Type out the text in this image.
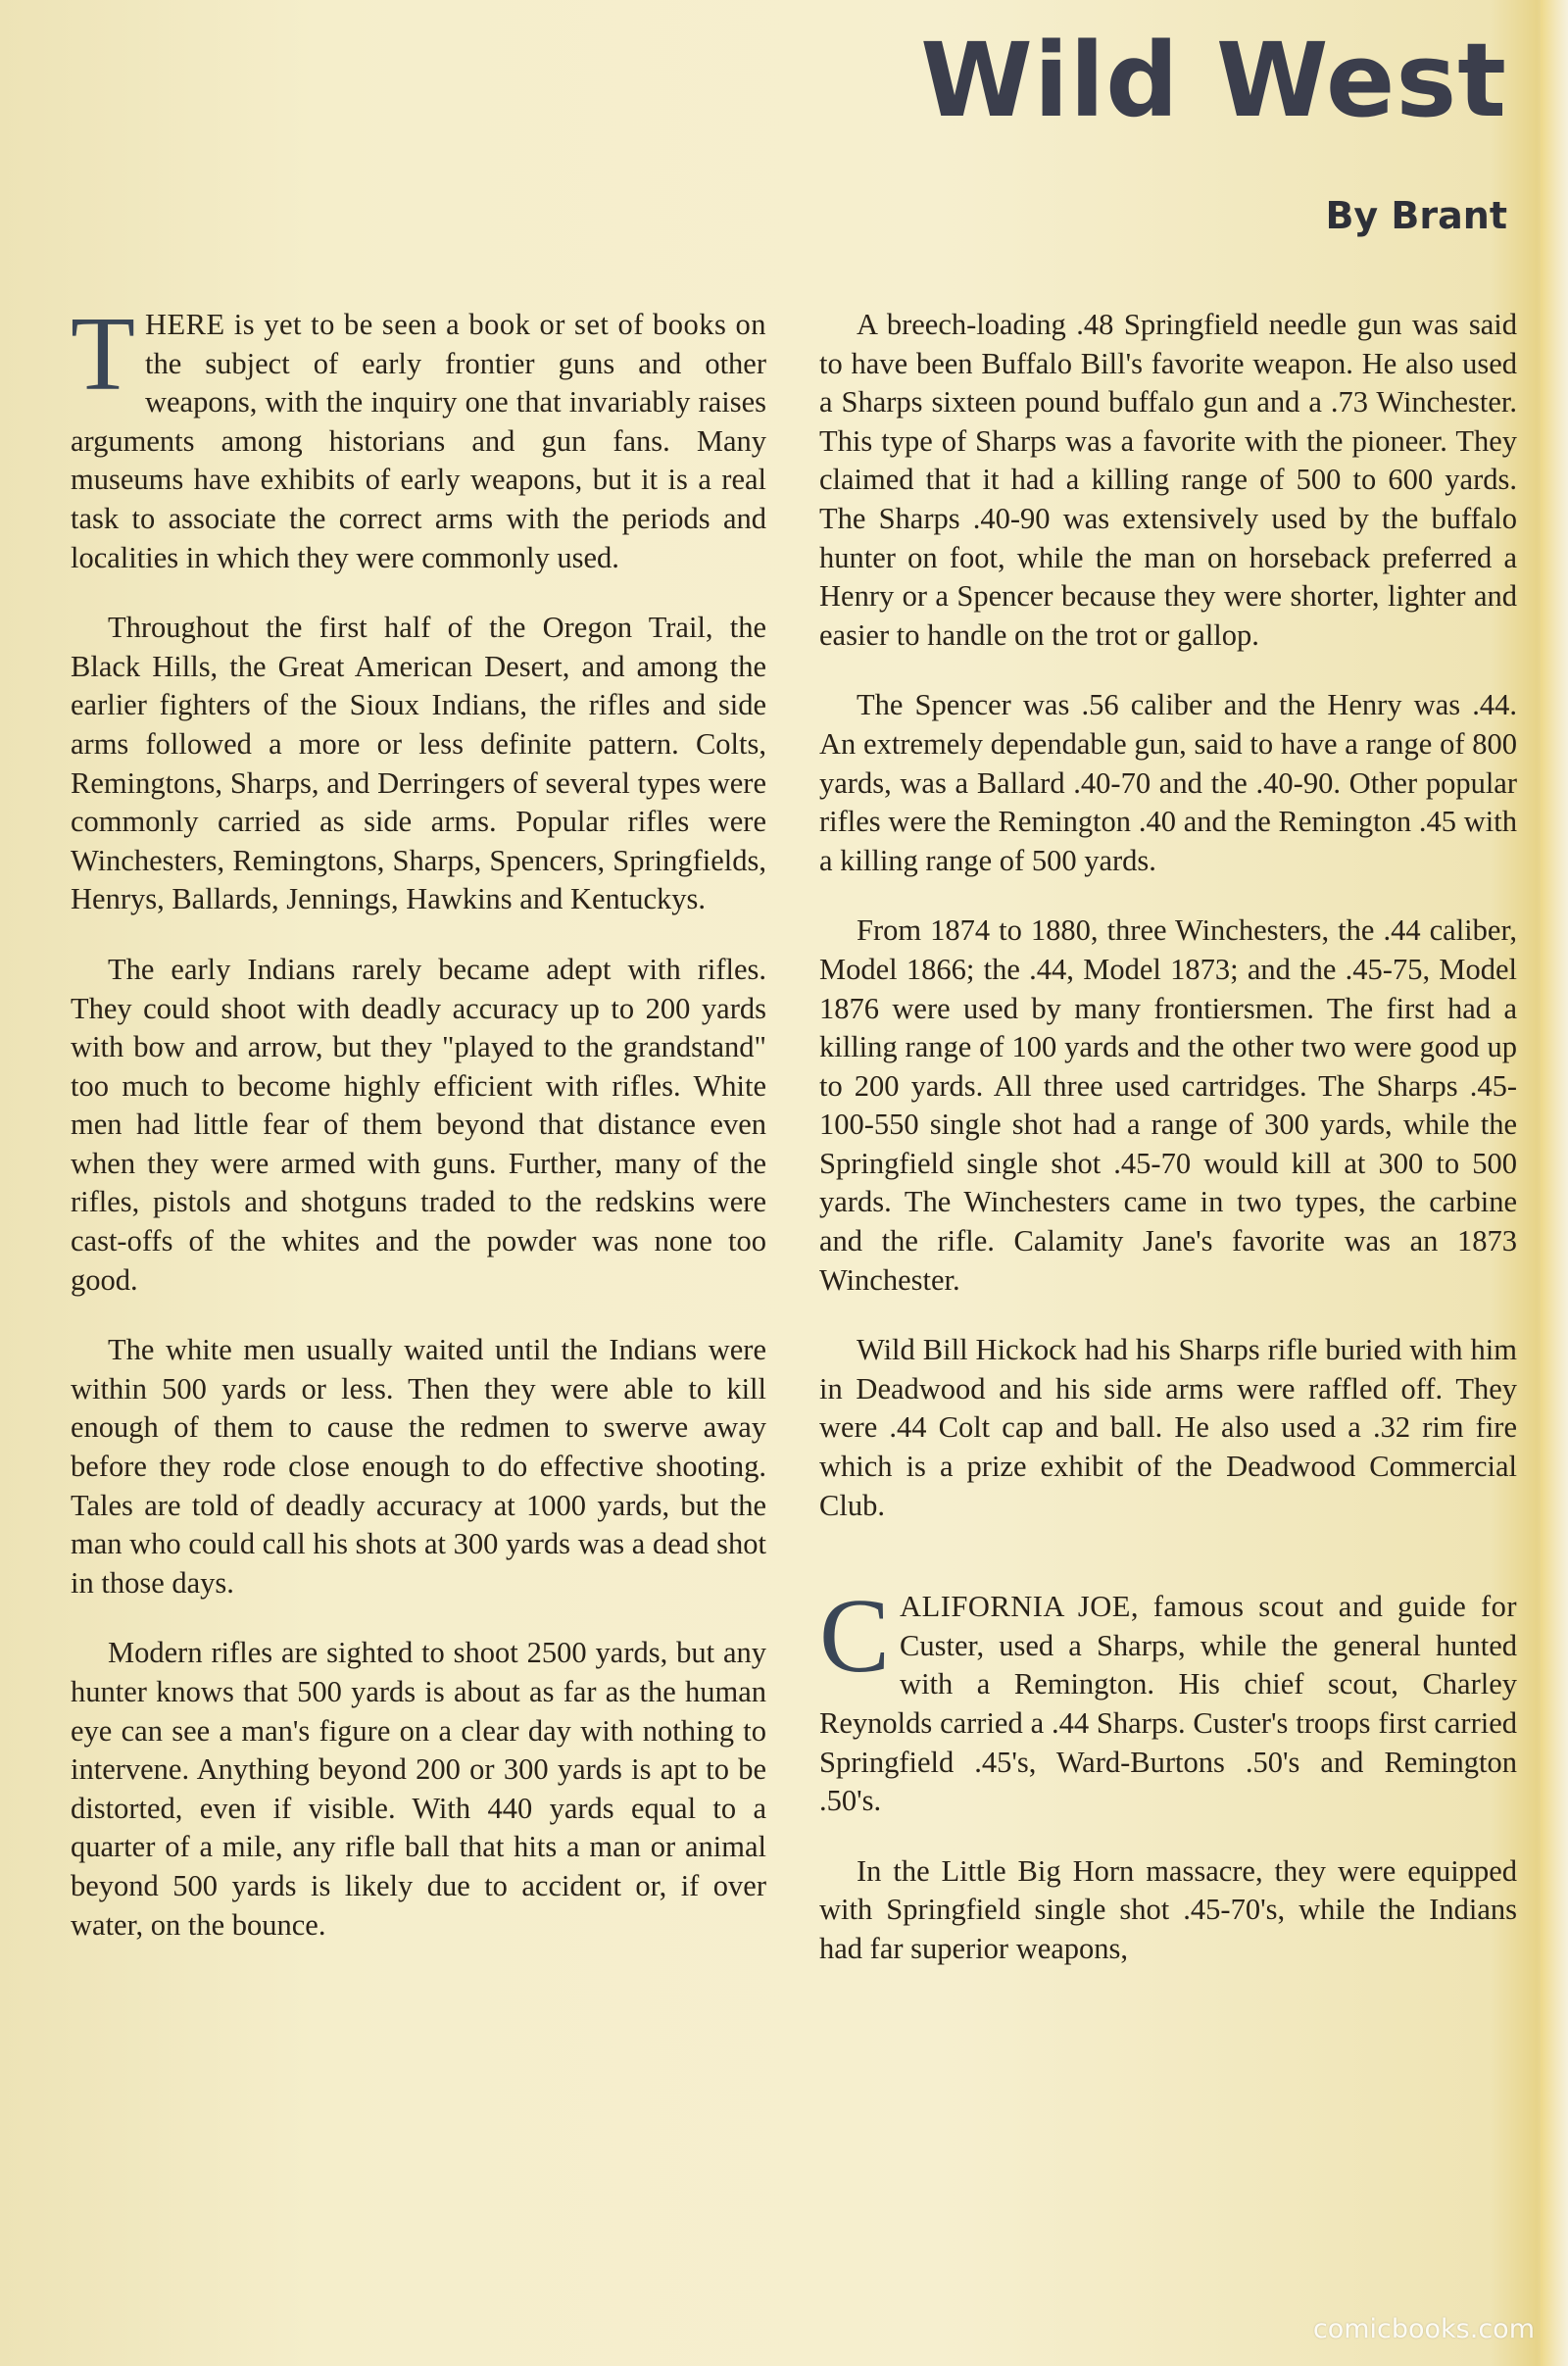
Wild West
By Brant

THERE is yet to be seen a book or set of books on the subject of early frontier guns and other weapons, with the inquiry one that invariably raises arguments among historians and gun fans. Many museums have exhibits of early weapons, but it is a real task to associate the correct arms with the periods and localities in which they were commonly used.

Throughout the first half of the Oregon Trail, the Black Hills, the Great American Desert, and among the earlier fighters of the Sioux Indians, the rifles and side arms followed a more or less definite pattern. Colts, Remingtons, Sharps, and Derringers of several types were commonly carried as side arms. Popular rifles were Winchesters, Remingtons, Sharps, Spencers, Springfields, Henrys, Ballards, Jennings, Hawkins and Kentuckys.

The early Indians rarely became adept with rifles. They could shoot with deadly accuracy up to 200 yards with bow and arrow, but they "played to the grandstand" too much to become highly efficient with rifles. White men had little fear of them beyond that distance even when they were armed with guns. Further, many of the rifles, pistols and shotguns traded to the redskins were cast-offs of the whites and the powder was none too good.

The white men usually waited until the Indians were within 500 yards or less. Then they were able to kill enough of them to cause the redmen to swerve away before they rode close enough to do effective shooting. Tales are told of deadly accuracy at 1000 yards, but the man who could call his shots at 300 yards was a dead shot in those days.

Modern rifles are sighted to shoot 2500 yards, but any hunter knows that 500 yards is about as far as the human eye can see a man's figure on a clear day with nothing to intervene. Anything beyond 200 or 300 yards is apt to be distorted, even if visible. With 440 yards equal to a quarter of a mile, any rifle ball that hits a man or animal beyond 500 yards is likely due to accident or, if over water, on the bounce.

A breech-loading .48 Springfield needle gun was said to have been Buffalo Bill's favorite weapon. He also used a Sharps sixteen pound buffalo gun and a .73 Winchester. This type of Sharps was a favorite with the pioneer. They claimed that it had a killing range of 500 to 600 yards. The Sharps .40-90 was extensively used by the buffalo hunter on foot, while the man on horseback preferred a Henry or a Spencer because they were shorter, lighter and easier to handle on the trot or gallop.

The Spencer was .56 caliber and the Henry was .44. An extremely dependable gun, said to have a range of 800 yards, was a Ballard .40-70 and the .40-90. Other popular rifles were the Remington .40 and the Remington .45 with a killing range of 500 yards.

From 1874 to 1880, three Winchesters, the .44 caliber, Model 1866; the .44, Model 1873; and the .45-75, Model 1876 were used by many frontiersmen. The first had a killing range of 100 yards and the other two were good up to 200 yards. All three used cartridges. The Sharps .45-100-550 single shot had a range of 300 yards, while the Springfield single shot .45-70 would kill at 300 to 500 yards. The Winchesters came in two types, the carbine and the rifle. Calamity Jane's favorite was an 1873 Winchester.

Wild Bill Hickock had his Sharps rifle buried with him in Deadwood and his side arms were raffled off. They were .44 Colt cap and ball. He also used a .32 rim fire which is a prize exhibit of the Deadwood Commercial Club.

CALIFORNIA JOE, famous scout and guide for Custer, used a Sharps, while the general hunted with a Remington. His chief scout, Charley Reynolds carried a .44 Sharps. Custer's troops first carried Springfield .45's, Ward-Burtons .50's and Remington .50's.

In the Little Big Horn massacre, they were equipped with Springfield single shot .45-70's, while the Indians had far superior weapons,

comicbooks.com
